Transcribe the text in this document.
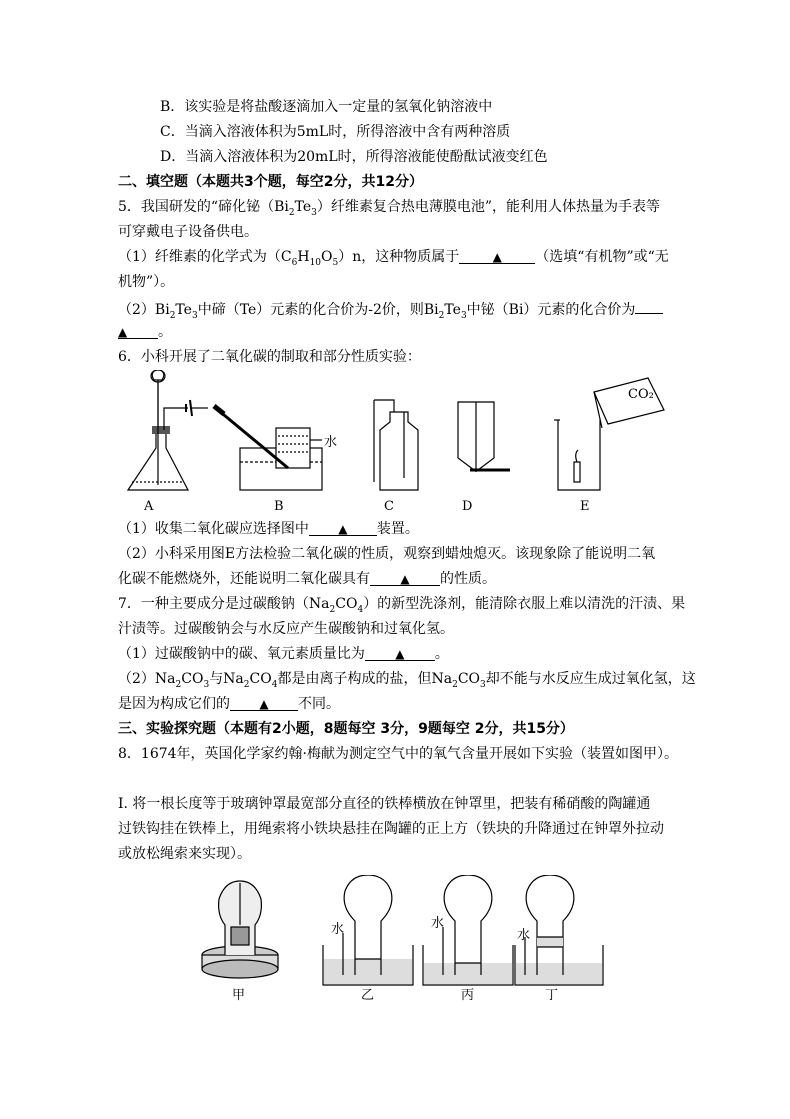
B．该实验是将盐酸逐滴加入一定量的氢氧化钠溶液中
C．当滴入溶液体积为5mL时，所得溶液中含有两种溶质
D．当滴入溶液体积为20mL时，所得溶液能使酚酞试液变红色
二、填空题（本题共3个题，每空2分，共12分）
5．我国研发的“碲化铋$(Bi_2Te_3)$纤维素复合热电薄膜电池”，能利用人体热量为手表等
可穿戴电子设备供电。
（1）纤维素的化学式为$(C_6H_{10}O_5)n$，这种物质属于	▲ （选填“有机物”或“无
机物”）。
$(2)Bi_2Te_3$中碲（Te）元素的化合价为-2价，则$Bi_2Te_3$中铋（Bi）元素的化合价为
▲ 。
6．小科开展了二氧化碳的制取和部分性质实验：
CO₂
水
A	B	C	D	E
（1）收集二氧化碳应选择图中 ▲ 装置。
（2）小科采用图E方法检验二氧化碳的性质，观察到蜡烛熄灭。该现象除了能说明二氧
化碳不能燃烧外，还能说明二氧化碳具有	▲ 的性质。
7．一种主要成分是过碳酸钠$(Na_2CO_4)$的新型洗涤剂，能清除衣服上难以清洗的汗渍、果
汁渍等。过碳酸钠会与水反应产生碳酸钠和过氧化氢。
（1）过碳酸钠中的碳、氧元素质量比为	▲ 。
$(2)Na_2CO_3$与$Na_2CO_4$都是由离子构成的盐，但$Na_2CO_3$却不能与水反应生成过氧化氢，这
是因为构成它们的 ▲ 不同。
三、实验探究题（本题有2小题，8题每空 3分，9题每空 2分，共15分）
8．1674年，英国化学家约翰·梅献为测定空气中的氧气含量开展如下实验（装置如图甲）。
Ⅰ. 将一根长度等于玻璃钟罩最宽部分直径的铁棒横放在钟罩里，把装有稀硝酸的陶罐通
过铁钩挂在铁棒上，用绳索将小铁块悬挂在陶罐的正上方（铁块的升降通过在钟罩外拉动
或放松绳索来实现）。
水	水
水
甲	乙	丙	丁
